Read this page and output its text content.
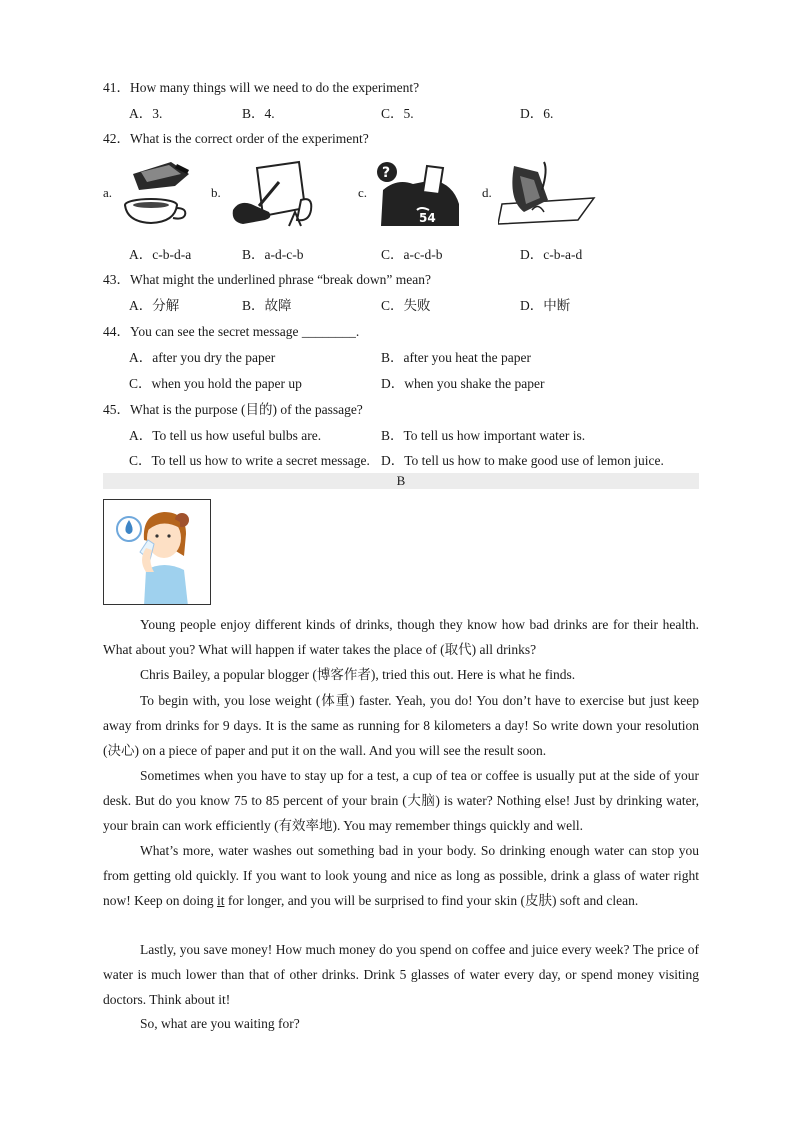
41．How many things will we need to do the experiment?
A．3.	B．4.	C．5.	D．6.
42．What is the correct order of the experiment?
a.	b.	c.
?
54
d.
A．c-b-d-a	B．a-d-c-b	C．a-c-d-b	D．c-b-a-d
43．What might the underlined phrase “break down” mean?
A．分解	B．故障	C．失败	D．中断
44．You can see the secret message ________.
A．after you dry the paper	B．after you heat the paper
C．when you hold the paper up	D．when you shake the paper
45．What is the purpose (目的) of the passage?
A．To tell us how useful bulbs are.	B．To tell us how important water is.
C．To tell us how to write a secret message. D．To tell us how to make good use of lemon juice.
B
Young people enjoy different kinds of drinks, though they know how bad drinks are for their health. What about you? What will happen if water takes the place of (取代) all drinks?
Chris Bailey, a popular blogger (博客作者), tried this out. Here is what he finds.
To begin with, you lose weight (体重) faster. Yeah, you do! You don’t have to exercise but just keep away from drinks for 9 days. It is the same as running for 8 kilometers a day! So write down your resolution (决心) on a piece of paper and put it on the wall. And you will see the result soon.
Sometimes when you have to stay up for a test, a cup of tea or coffee is usually put at the side of your desk. But do you know 75 to 85 percent of your brain (大脑) is water? Nothing else! Just by drinking water, your brain can work efficiently (有效率地). You may remember things quickly and well.
What’s more, water washes out something bad in your body. So drinking enough water can stop you from getting old quickly. If you want to look young and nice as long as possible, drink a glass of water right now! Keep on doing it for longer, and you will be surprised to find your skin (皮肤) soft and clean.
Lastly, you save money! How much money do you spend on coffee and juice every week? The price of water is much lower than that of other drinks. Drink 5 glasses of water every day, or spend money visiting doctors. Think about it!
So, what are you waiting for?
